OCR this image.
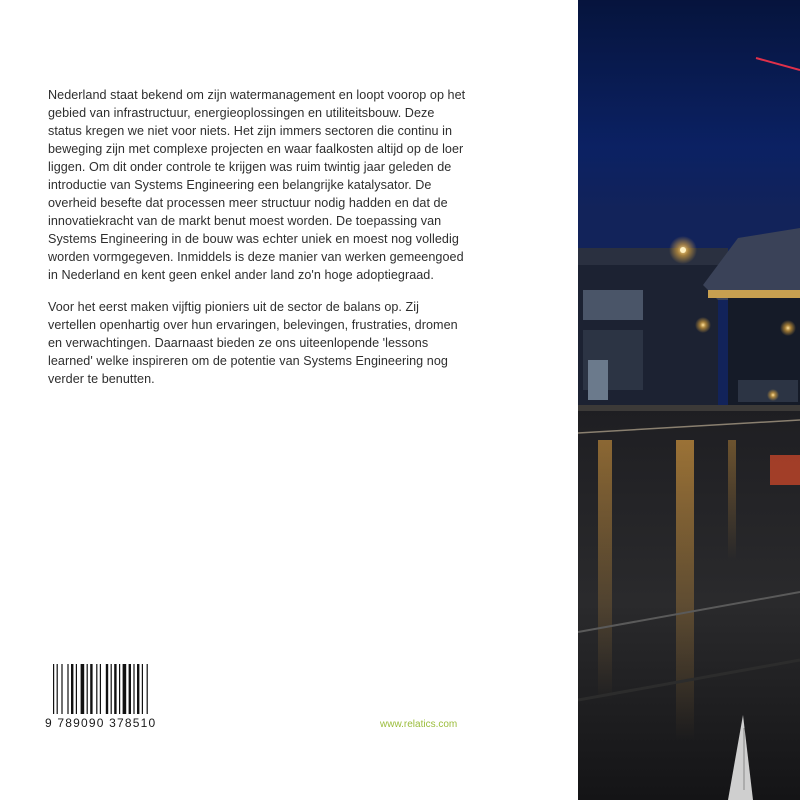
Nederland staat bekend om zijn watermanagement en loopt voorop op het gebied van infrastructuur, energieoplossingen en utiliteitsbouw. Deze status kregen we niet voor niets. Het zijn immers sectoren die continu in beweging zijn met complexe projecten en waar faalkosten altijd op de loer liggen. Om dit onder controle te krijgen was ruim twintig jaar geleden de introductie van Systems Engineering een belangrijke katalysator. De overheid besefte dat processen meer structuur nodig hadden en dat de innovatiekracht van de markt benut moest worden. De toepassing van Systems Engineering in de bouw was echter uniek en moest nog volledig worden vormgegeven. Inmiddels is deze manier van werken gemeengoed in Nederland en kent geen enkel ander land zo'n hoge adoptiegraad.

Voor het eerst maken vijftig pioniers uit de sector de balans op. Zij vertellen openhartig over hun ervaringen, belevingen, frustraties, dromen en verwachtingen. Daarnaast bieden ze ons uiteenlopende 'lessons learned' welke inspireren om de potentie van Systems Engineering nog verder te benutten.

9 789090 378510	www.relatics.com
